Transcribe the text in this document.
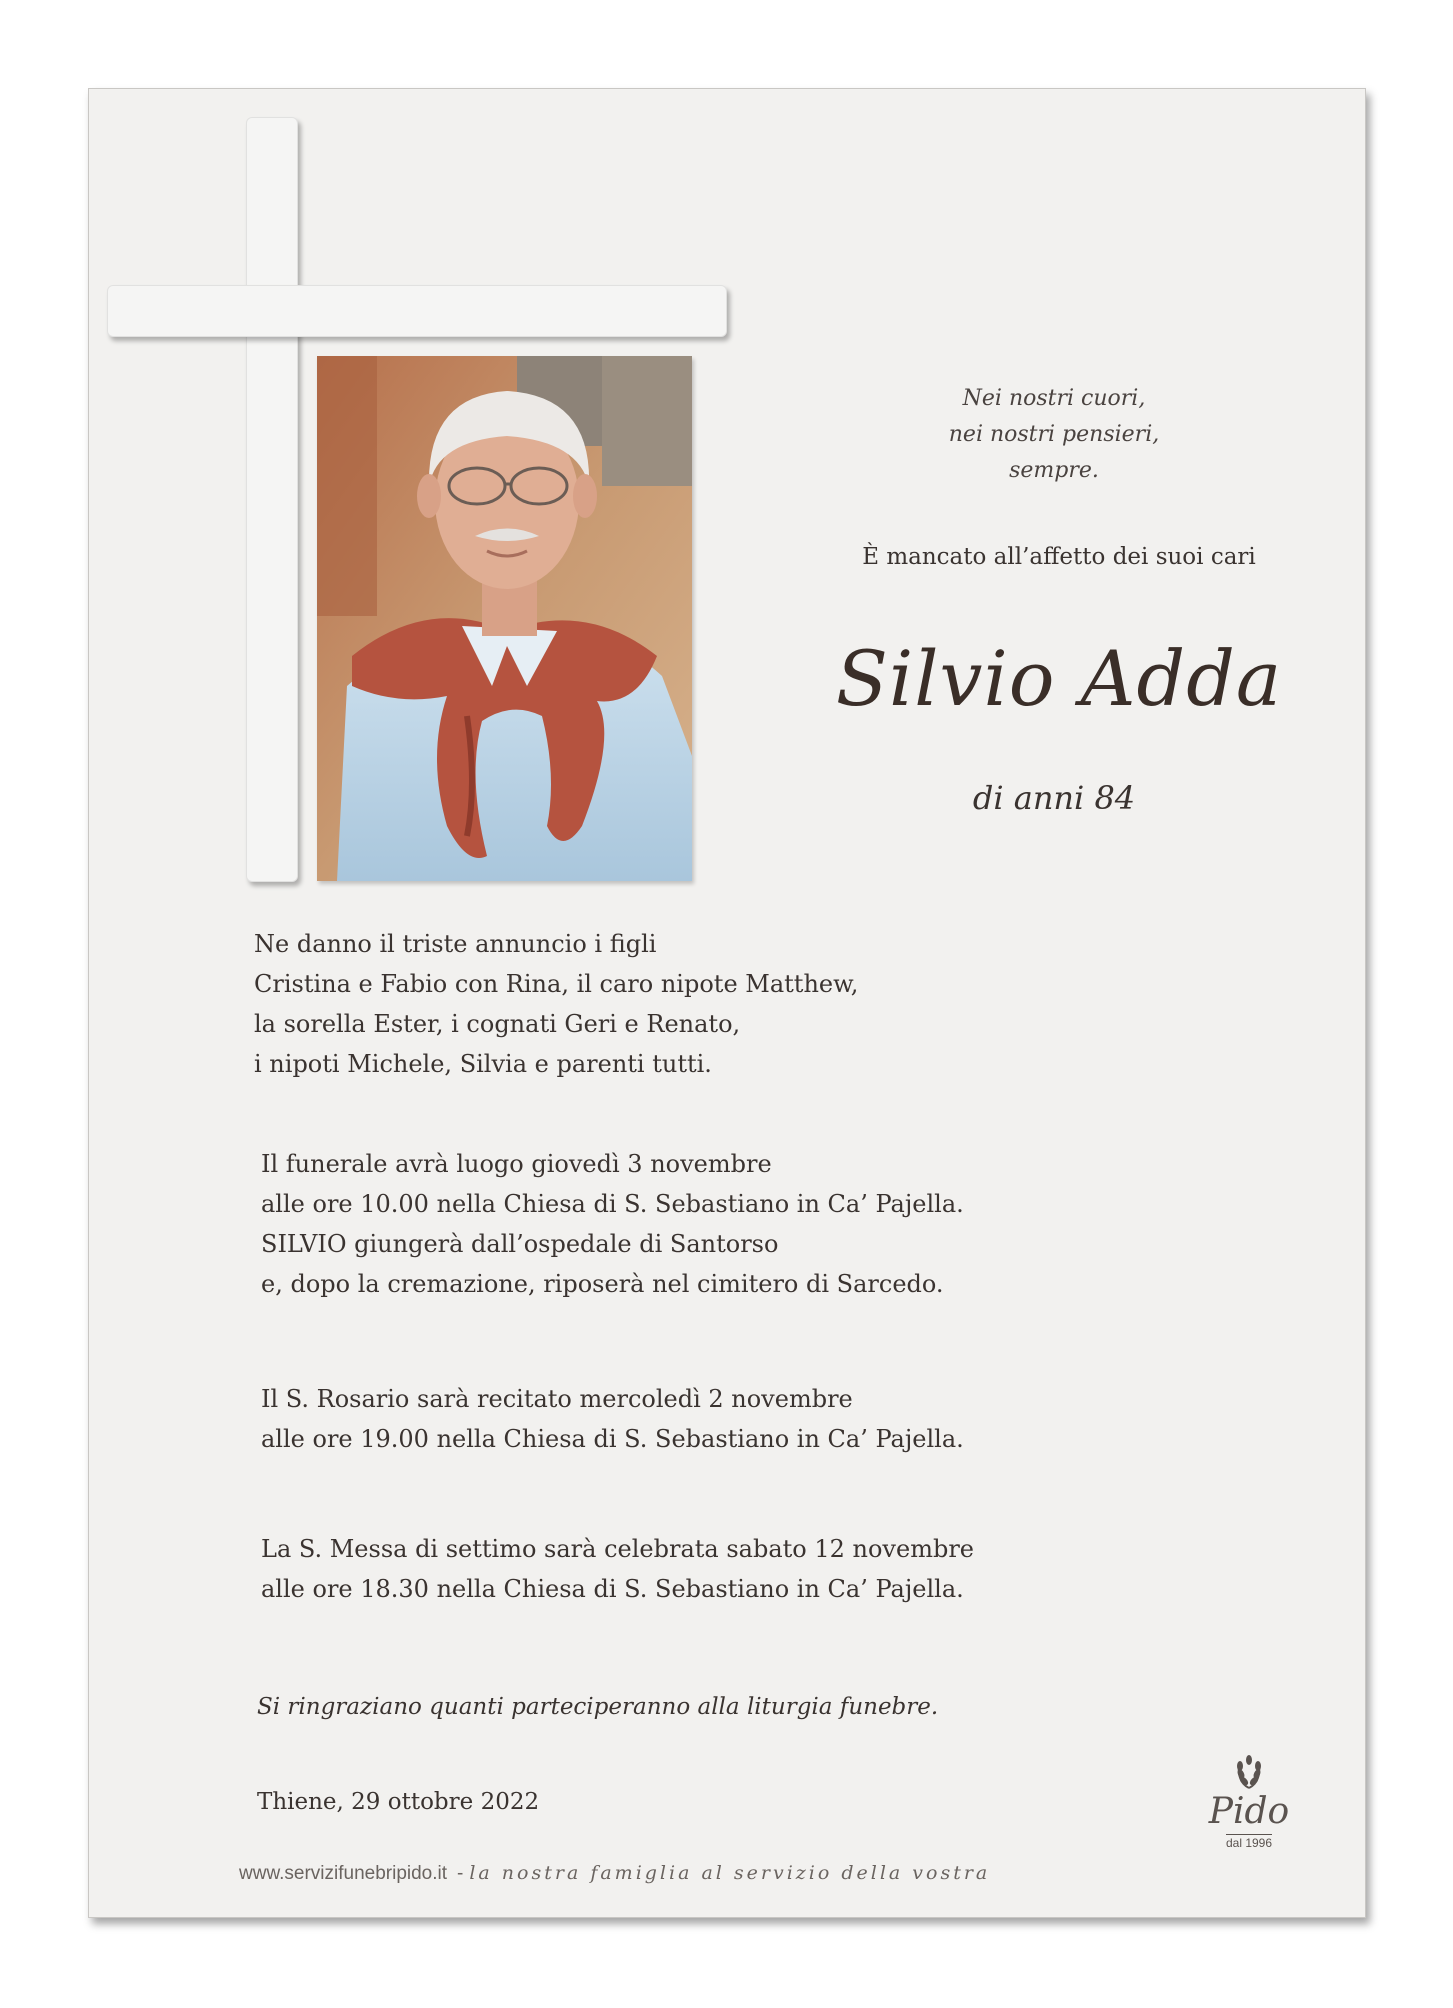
Nei nostri cuori,
nei nostri pensieri,
sempre.
È mancato all’affetto dei suoi cari
Silvio Adda
di anni 84
Ne danno il triste annuncio i figli
Cristina e Fabio con Rina, il caro nipote Matthew,
la sorella Ester, i cognati Geri e Renato,
i nipoti Michele, Silvia e parenti tutti.
Il funerale avrà luogo giovedì 3 novembre
alle ore 10.00 nella Chiesa di S. Sebastiano in Ca’ Pajella.
SILVIO giungerà dall’ospedale di Santorso
e, dopo la cremazione, riposerà nel cimitero di Sarcedo.
Il S. Rosario sarà recitato mercoledì 2 novembre
alle ore 19.00 nella Chiesa di S. Sebastiano in Ca’ Pajella.
La S. Messa di settimo sarà celebrata sabato 12 novembre
alle ore 18.30 nella Chiesa di S. Sebastiano in Ca’ Pajella.
Si ringraziano quanti parteciperanno alla liturgia funebre.
Thiene, 29 ottobre 2022
www.servizifunebripido.it - la nostra famiglia al servizio della vostra
Pido
dal 1996
